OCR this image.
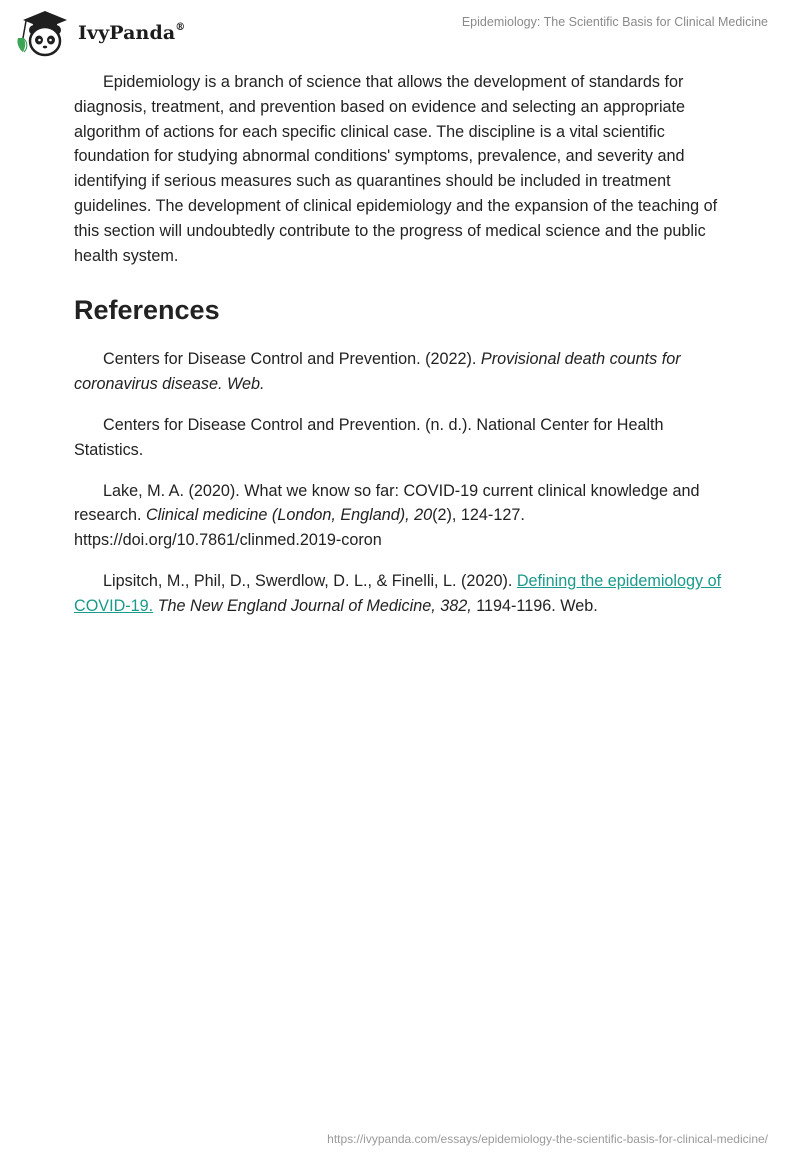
IvyPanda®	Epidemiology: The Scientific Basis for Clinical Medicine

Epidemiology is a branch of science that allows the development of standards for diagnosis, treatment, and prevention based on evidence and selecting an appropriate algorithm of actions for each specific clinical case. The discipline is a vital scientific foundation for studying abnormal conditions' symptoms, prevalence, and severity and identifying if serious measures such as quarantines should be included in treatment guidelines. The development of clinical epidemiology and the expansion of the teaching of this section will undoubtedly contribute to the progress of medical science and the public health system.

References

Centers for Disease Control and Prevention. (2022). Provisional death counts for coronavirus disease. Web.

Centers for Disease Control and Prevention. (n. d.). National Center for Health Statistics.

Lake, M. A. (2020). What we know so far: COVID-19 current clinical knowledge and research. Clinical medicine (London, England), 20(2), 124-127. https://doi.org/10.7861/clinmed.2019-coron

Lipsitch, M., Phil, D., Swerdlow, D. L., & Finelli, L. (2020). Defining the epidemiology of COVID-19. The New England Journal of Medicine, 382, 1194-1196. Web.

https://ivypanda.com/essays/epidemiology-the-scientific-basis-for-clinical-medicine/
